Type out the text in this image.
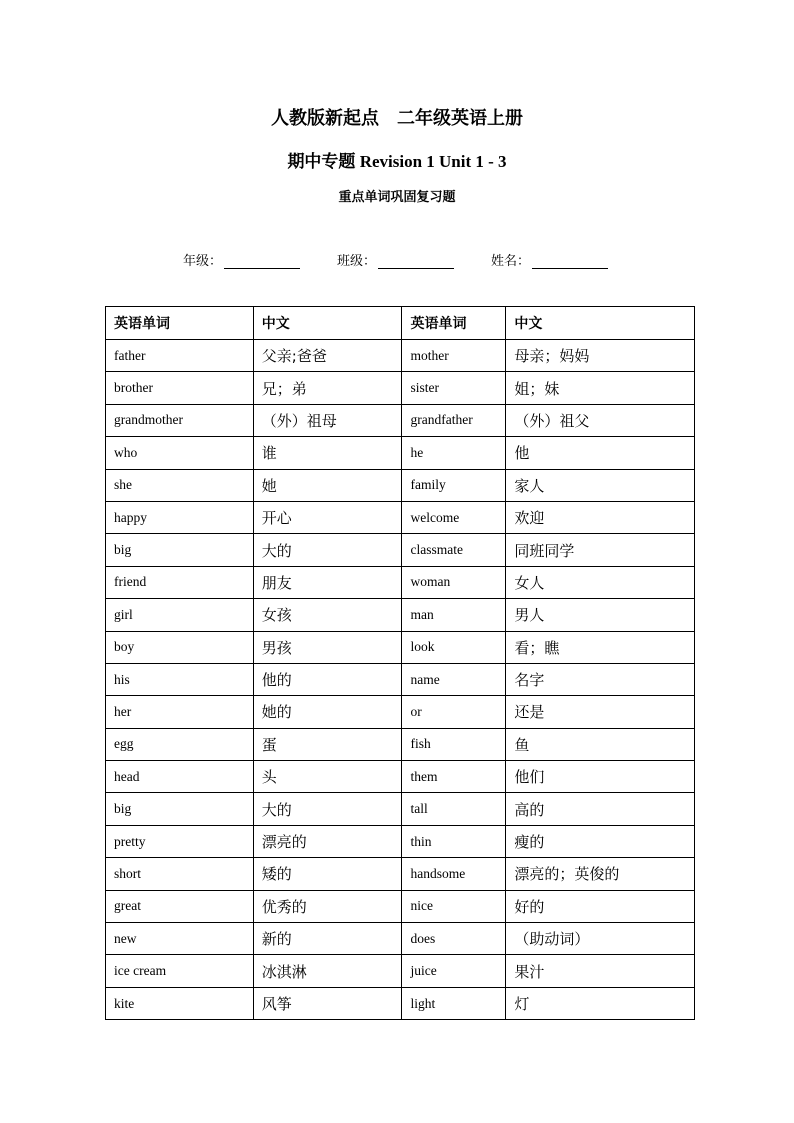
人教版新起点　二年级英语上册
期中专题 Revision 1 Unit 1 - 3
重点单词巩固复习题
年级：	班级：	姓名：
英语单词	中文	英语单词	中文
father	父亲;爸爸	mother	母亲；妈妈
brother	兄；弟	sister	姐；妹
grandmother	（外）祖母	grandfather	（外）祖父
who	谁	he	他
she	她	family	家人
happy	开心	welcome	欢迎
big	大的	classmate	同班同学
friend	朋友	woman	女人
girl	女孩	man	男人
boy	男孩	look	看；瞧
his	他的	name	名字
her	她的	or	还是
egg	蛋	fish	鱼
head	头	them	他们
big	大的	tall	高的
pretty	漂亮的	thin	瘦的
short	矮的	handsome	漂亮的；英俊的
great	优秀的	nice	好的
new	新的	does	（助动词）
ice cream	冰淇淋	juice	果汁
kite	风筝	light	灯
